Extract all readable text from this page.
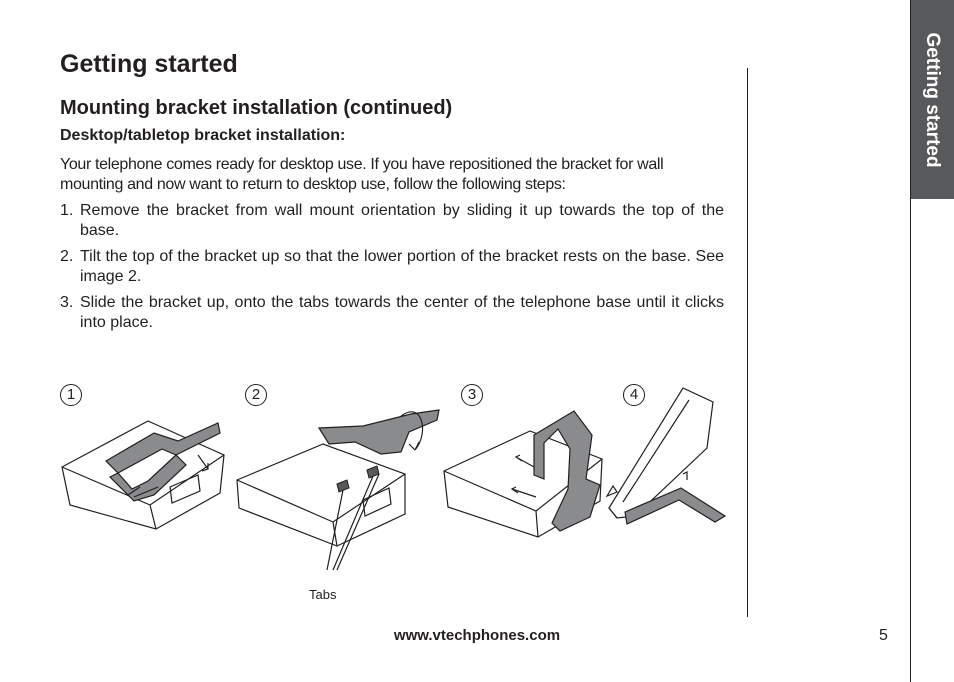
Getting started
Getting started
Mounting bracket installation (continued)
Desktop/tabletop bracket installation:

Your telephone comes ready for desktop use. If you have repositioned the bracket for wall mounting and now want to return to desktop use, follow the following steps:

1. Remove the bracket from wall mount orientation by sliding it up towards the top of the base.
2. Tilt the top of the bracket up so that the lower portion of the bracket rests on the base. See image 2.
3. Slide the bracket up, onto the tabs towards the center of the telephone base until it clicks into place.
1	2
Tabs
3	4

www.vtechphones.com	5
